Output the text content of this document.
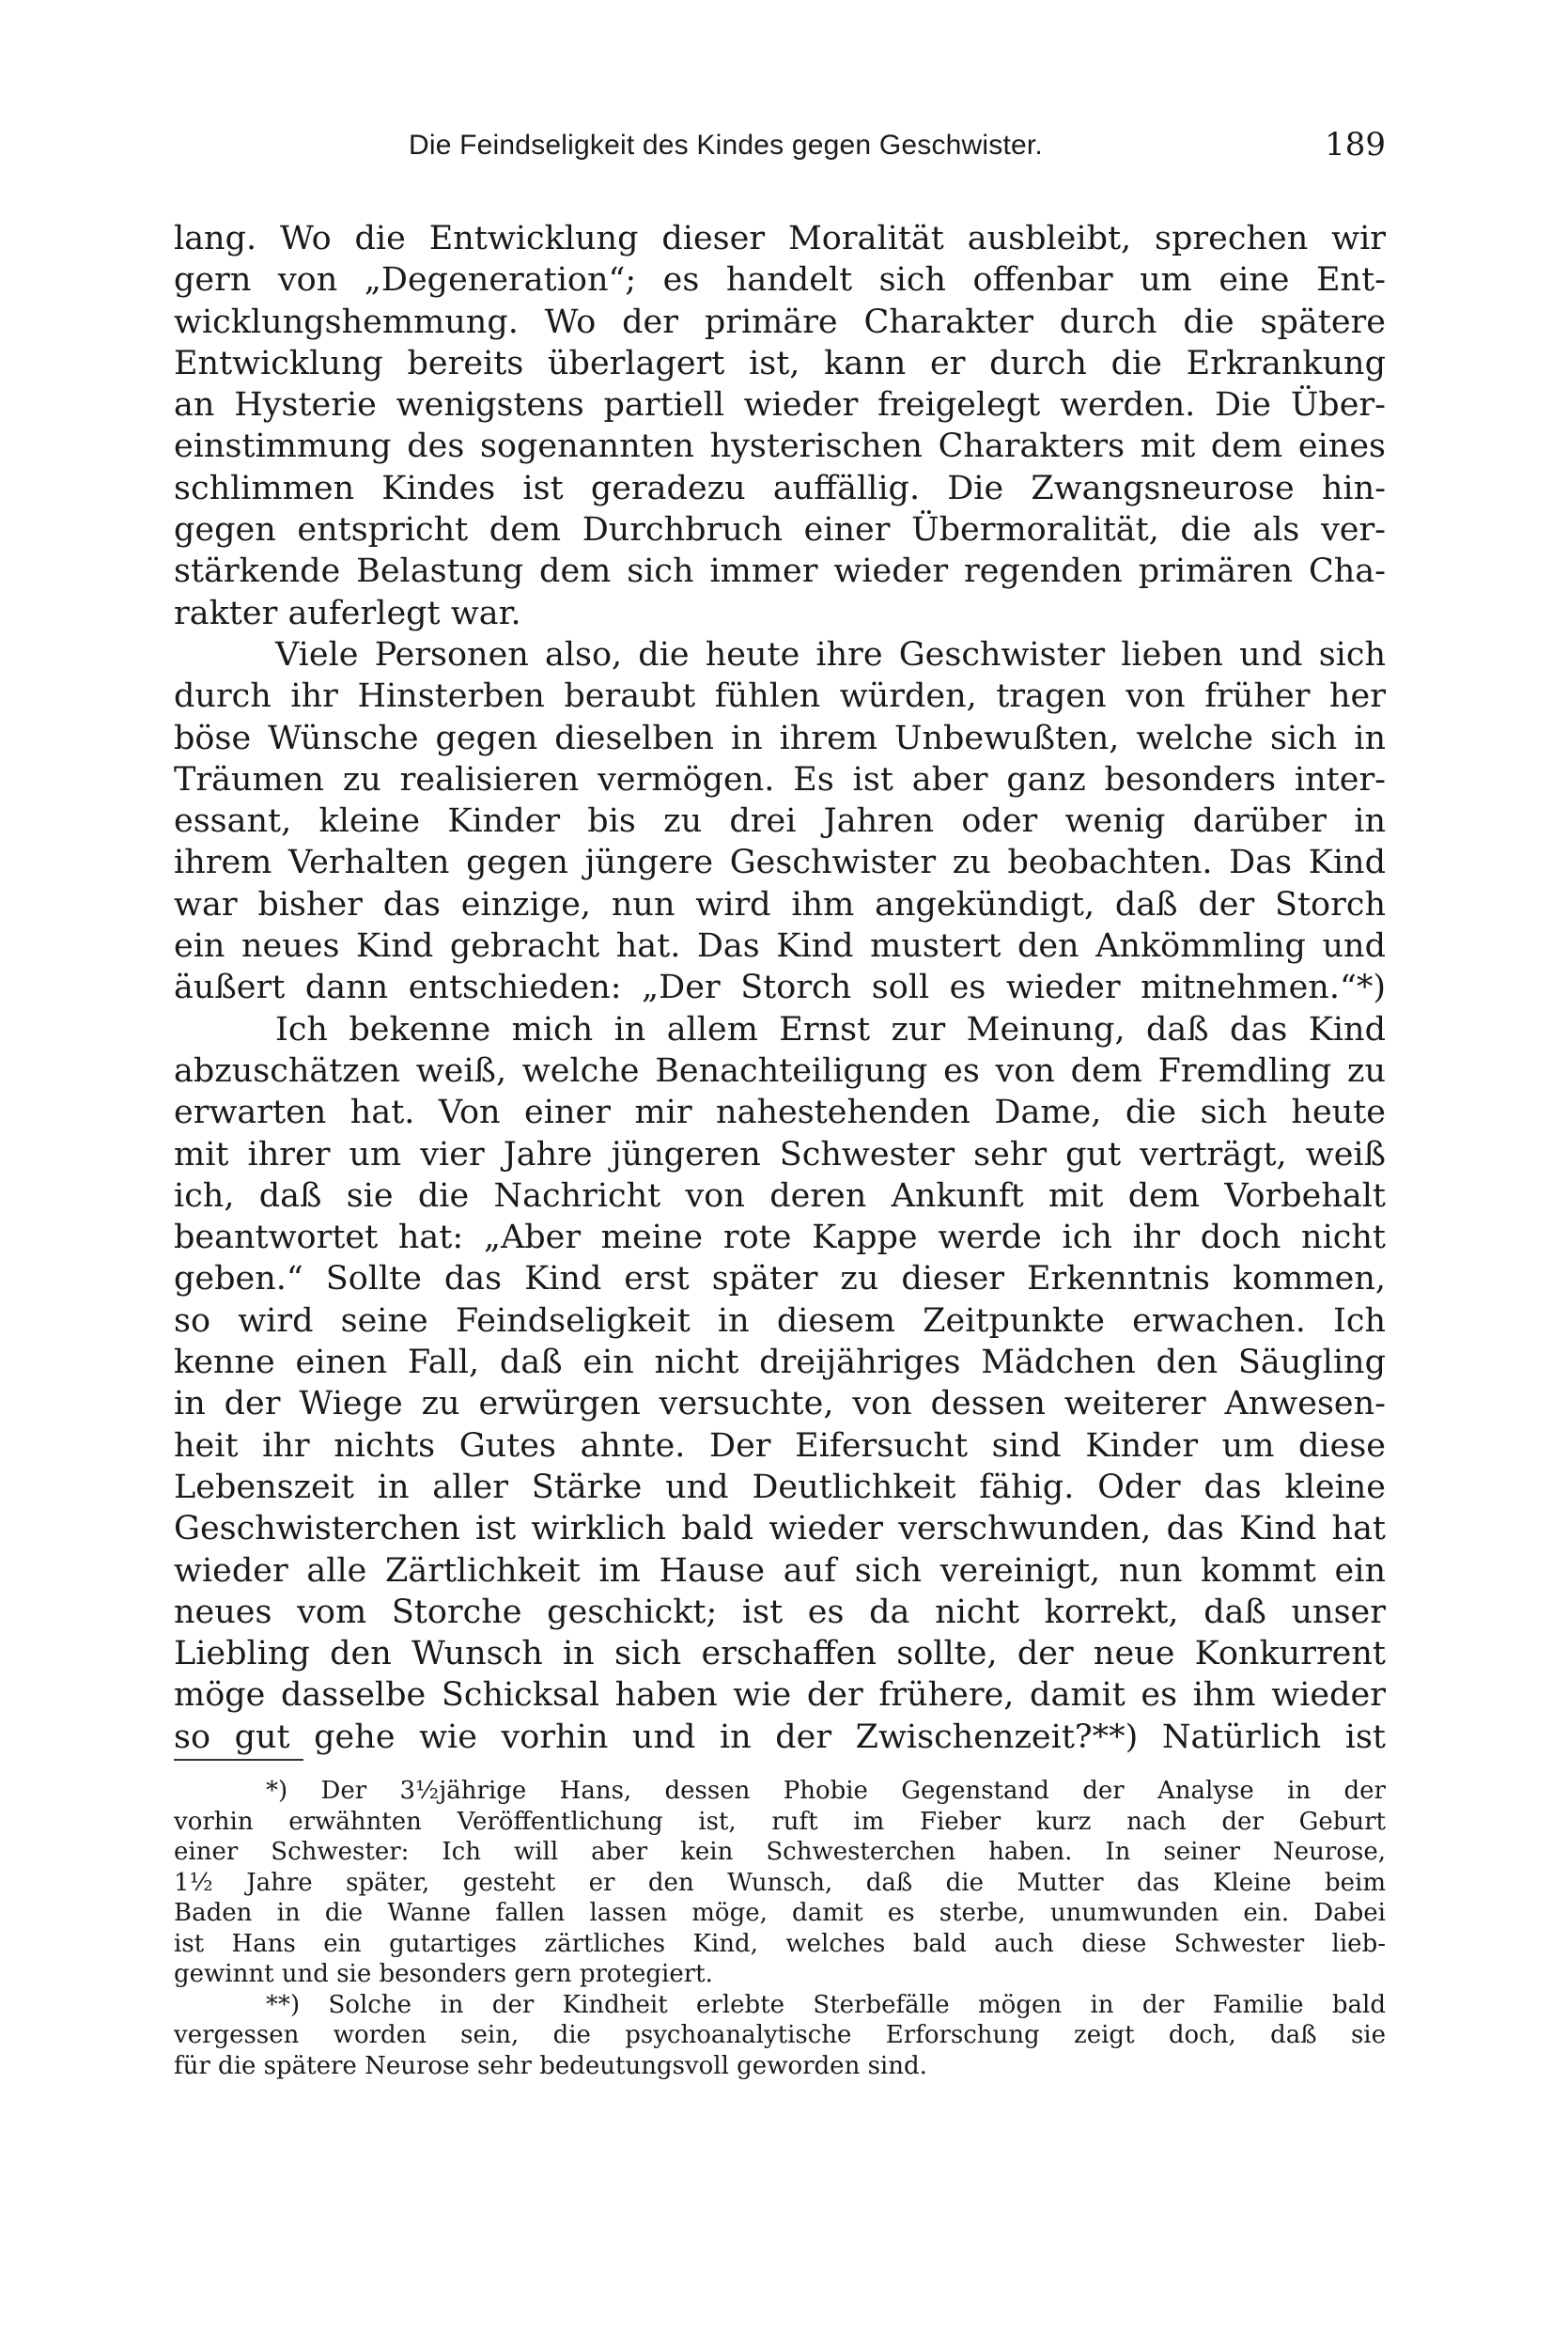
Die Feindseligkeit des Kindes gegen Geschwister.	189
lang. Wo die Entwicklung dieser Moralität ausbleibt, sprechen wir
gern von „Degeneration“; es handelt sich offenbar um eine Ent-
wicklungshemmung. Wo der primäre Charakter durch die spätere
Entwicklung bereits überlagert ist, kann er durch die Erkrankung
an Hysterie wenigstens partiell wieder freigelegt werden. Die Über-
einstimmung des sogenannten hysterischen Charakters mit dem eines
schlimmen Kindes ist geradezu auffällig. Die Zwangsneurose hin-
gegen entspricht dem Durchbruch einer Übermoralität, die als ver-
stärkende Belastung dem sich immer wieder regenden primären Cha-
rakter auferlegt war.
Viele Personen also, die heute ihre Geschwister lieben und sich
durch ihr Hinsterben beraubt fühlen würden, tragen von früher her
böse Wünsche gegen dieselben in ihrem Unbewußten, welche sich in
Träumen zu realisieren vermögen. Es ist aber ganz besonders inter-
essant, kleine Kinder bis zu drei Jahren oder wenig darüber in
ihrem Verhalten gegen jüngere Geschwister zu beobachten. Das Kind
war bisher das einzige, nun wird ihm angekündigt, daß der Storch
ein neues Kind gebracht hat. Das Kind mustert den Ankömmling und
äußert dann entschieden: „Der Storch soll es wieder mitnehmen.“*)
Ich bekenne mich in allem Ernst zur Meinung, daß das Kind
abzuschätzen weiß, welche Benachteiligung es von dem Fremdling zu
erwarten hat. Von einer mir nahestehenden Dame, die sich heute
mit ihrer um vier Jahre jüngeren Schwester sehr gut verträgt, weiß
ich, daß sie die Nachricht von deren Ankunft mit dem Vorbehalt
beantwortet hat: „Aber meine rote Kappe werde ich ihr doch nicht
geben.“ Sollte das Kind erst später zu dieser Erkenntnis kommen,
so wird seine Feindseligkeit in diesem Zeitpunkte erwachen. Ich
kenne einen Fall, daß ein nicht dreijähriges Mädchen den Säugling
in der Wiege zu erwürgen versuchte, von dessen weiterer Anwesen-
heit ihr nichts Gutes ahnte. Der Eifersucht sind Kinder um diese
Lebenszeit in aller Stärke und Deutlichkeit fähig. Oder das kleine
Geschwisterchen ist wirklich bald wieder verschwunden, das Kind hat
wieder alle Zärtlichkeit im Hause auf sich vereinigt, nun kommt ein
neues vom Storche geschickt; ist es da nicht korrekt, daß unser
Liebling den Wunsch in sich erschaffen sollte, der neue Konkurrent
möge dasselbe Schicksal haben wie der frühere, damit es ihm wieder
so gut gehe wie vorhin und in der Zwischenzeit?**) Natürlich ist
*) Der 3½jährige Hans, dessen Phobie Gegenstand der Analyse in der
vorhin erwähnten Veröffentlichung ist, ruft im Fieber kurz nach der Geburt
einer Schwester: Ich will aber kein Schwesterchen haben. In seiner Neurose,
1½ Jahre später, gesteht er den Wunsch, daß die Mutter das Kleine beim
Baden in die Wanne fallen lassen möge, damit es sterbe, unumwunden ein. Dabei
ist Hans ein gutartiges zärtliches Kind, welches bald auch diese Schwester lieb-
gewinnt und sie besonders gern protegiert.
**) Solche in der Kindheit erlebte Sterbefälle mögen in der Familie bald
vergessen worden sein, die psychoanalytische Erforschung zeigt doch, daß sie
für die spätere Neurose sehr bedeutungsvoll geworden sind.
